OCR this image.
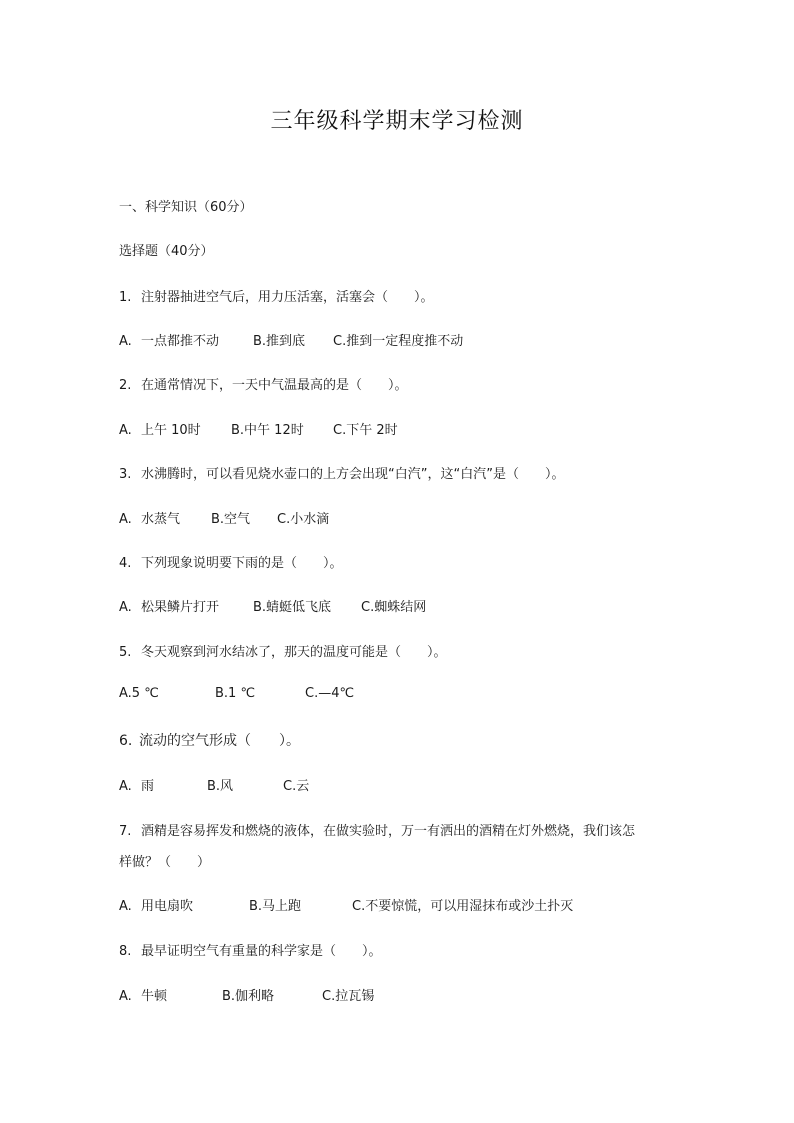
三年级科学期末学习检测
一、科学知识（60分）
选择题（40分）
1. 注射器抽进空气后，用力压活塞，活塞会（　　）。
A. 一点都推不动	B.推到底 C.推到一定程度推不动
2. 在通常情况下，一天中气温最高的是（　　）。
A. 上午 10时 B.中午 12时 C.下午 2时
3. 水沸腾时，可以看见烧水壶口的上方会出现“白汽”，这“白汽”是（　　）。
A. 水蒸气 B.空气 C.小水滴
4. 下列现象说明要下雨的是（　　）。
A. 松果鳞片打开	B.蜻蜓低飞底 C.蜘蛛结网
5. 冬天观察到河水结冰了，那天的温度可能是（　　）。
A.5 ℃	B.1 ℃	C.—4℃
6. 流动的空气形成（　　）。
A. 雨	B.风	C.云
7. 酒精是容易挥发和燃烧的液体，在做实验时，万一有洒出的酒精在灯外燃烧，我们该怎
样做？（　　）
A. 用电扇吹	B.马上跑	C.不要惊慌，可以用湿抹布或沙土扑灭
8. 最早证明空气有重量的科学家是（　　）。
A. 牛顿	B.伽利略	C.拉瓦锡
